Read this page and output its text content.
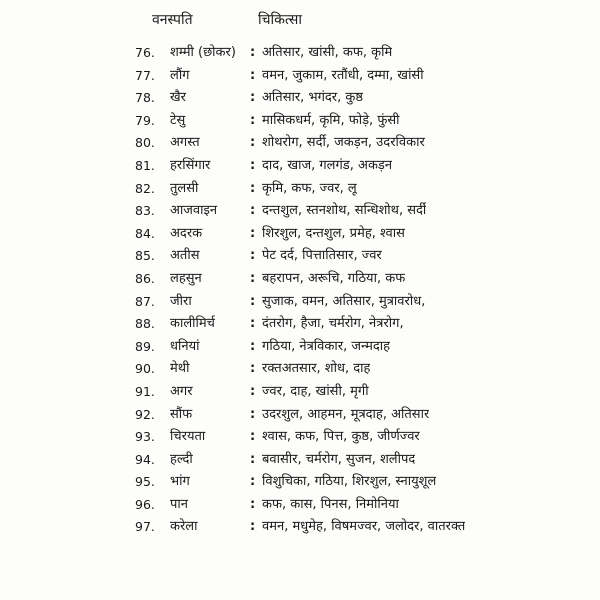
वनस्पति	चिकित्सा
76. शम्मी (छोकर) : अतिसार, खांसी, कफ, कृमि
77. लौंग	: वमन, जुकाम, रतौंधी, दम्मा, खांसी
78. खैर	: अतिसार, भगंदर, कुष्ठ
79. टेसु	: मासिकधर्म, कृमि, फोड़े, फुंसी
80. अगस्त	: शोथरोग, सर्दी, जकड़न, उदरविकार
81. हरसिंगार	: दाद, खाज, गलगंड, अकड़न
82. तुलसी	: कृमि, कफ, ज्वर, लू
83. आजवाइन	: दन्तशुल, स्तनशोथ, सन्धिशोथ, सर्दी
84. अदरक	: शिरशुल, दन्तशुल, प्रमेह, श्वास
85. अतीस	: पेट दर्द, पित्तातिसार, ज्वर
86. लहसुन	: बहरापन, अरूचि, गठिया, कफ
87. जीरा	: सुजाक, वमन, अतिसार, मुत्रावरोध,
88. कालीमिर्च	: दंतरोग, हैजा, चर्मरोग, नेत्ररोग,
89. धनियां	: गठिया, नेत्रविकार, जन्मदाह
90. मेथी	: रक्तअतसार, शोध, दाह
91. अगर	: ज्वर, दाह, खांसी, मृगी
92. सौंफ	: उदरशुल, आहमन, मूत्रदाह, अतिसार
93. चिरयता	: श्वास, कफ, पित्त, कुष्ठ, जीर्णज्वर
94. हल्दी	: बवासीर, चर्मरोग, सुजन, शलीपद
95. भांग	: विशुचिका, गठिया, शिरशुल, स्नायुशूल
96. पान	: कफ, कास, पिनस, निमोनिया
97. करेला	: वमन, मधुमेह, विषमज्वर, जलोदर, वातरक्त
